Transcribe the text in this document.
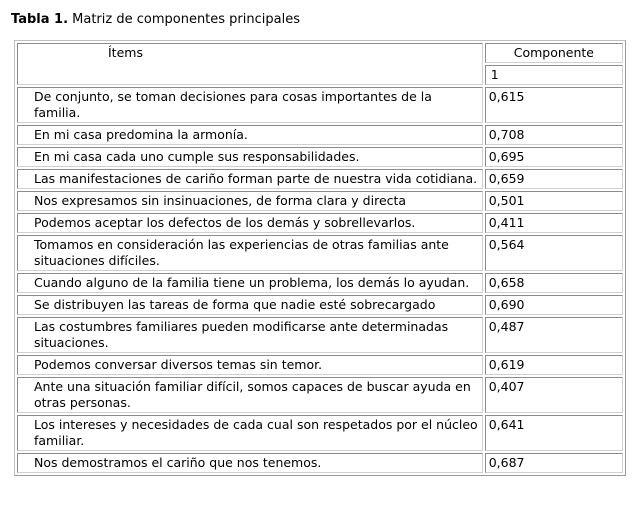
Tabla 1. Matriz de componentes principales
Ítems	Componente
	1
De conjunto, se toman decisiones para cosas importantes de la familia.	0,615
En mi casa predomina la armonía.	0,708
En mi casa cada uno cumple sus responsabilidades.	0,695
Las manifestaciones de cariño forman parte de nuestra vida cotidiana.	0,659
Nos expresamos sin insinuaciones, de forma clara y directa	0,501
Podemos aceptar los defectos de los demás y sobrellevarlos.	0,411
Tomamos en consideración las experiencias de otras familias ante situaciones difíciles.	0,564
Cuando alguno de la familia tiene un problema, los demás lo ayudan.	0,658
Se distribuyen las tareas de forma que nadie esté sobrecargado	0,690
Las costumbres familiares pueden modificarse ante determinadas situaciones.	0,487
Podemos conversar diversos temas sin temor.	0,619
Ante una situación familiar difícil, somos capaces de buscar ayuda en otras personas.	0,407
Los intereses y necesidades de cada cual son respetados por el núcleo familiar.	0,641
Nos demostramos el cariño que nos tenemos.	0,687
